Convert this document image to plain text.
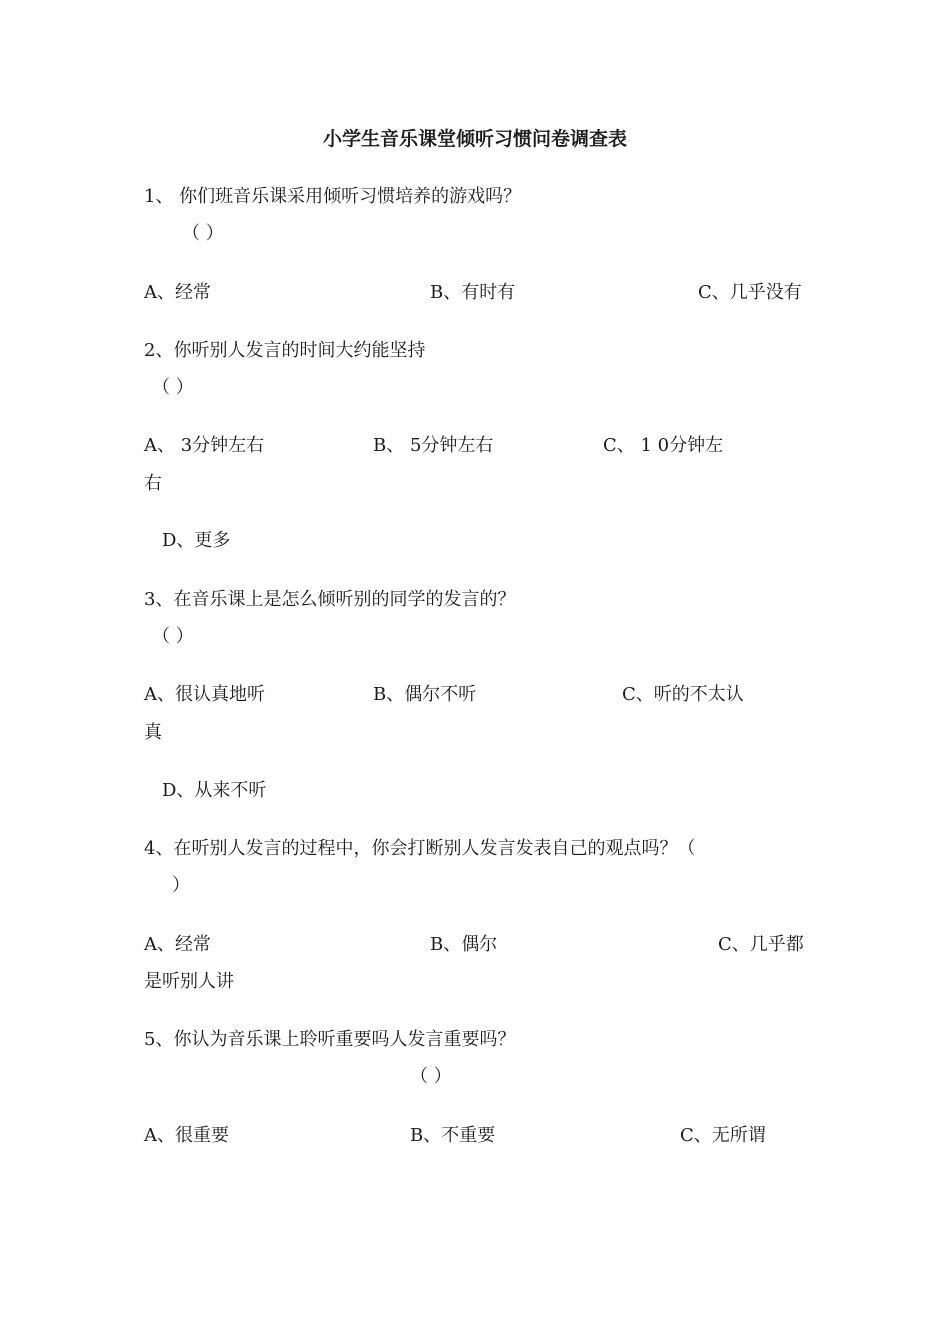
小学生音乐课堂倾听习惯问卷调查表
1、 你们班音乐课采用倾听习惯培养的游戏吗？
（ ）
A、经常	B、有时有	C、几乎没有
2、你听别人发言的时间大约能坚持
（ ）
A、 3分钟左右	B、 5分钟左右	C、 1 0分钟左
右
D、更多
3、在音乐课上是怎么倾听别的同学的发言的？
（ ）
A、很认真地听	B、偶尔不听	C、听的不太认
真
D、从来不听
4、在听别人发言的过程中，你会打断别人发言发表自己的观点吗？（
）
A、经常	B、偶尔	C、几乎都
是听别人讲
5、你认为音乐课上聆听重要吗人发言重要吗？
（ ）
A、很重要	B、不重要	C、无所谓
